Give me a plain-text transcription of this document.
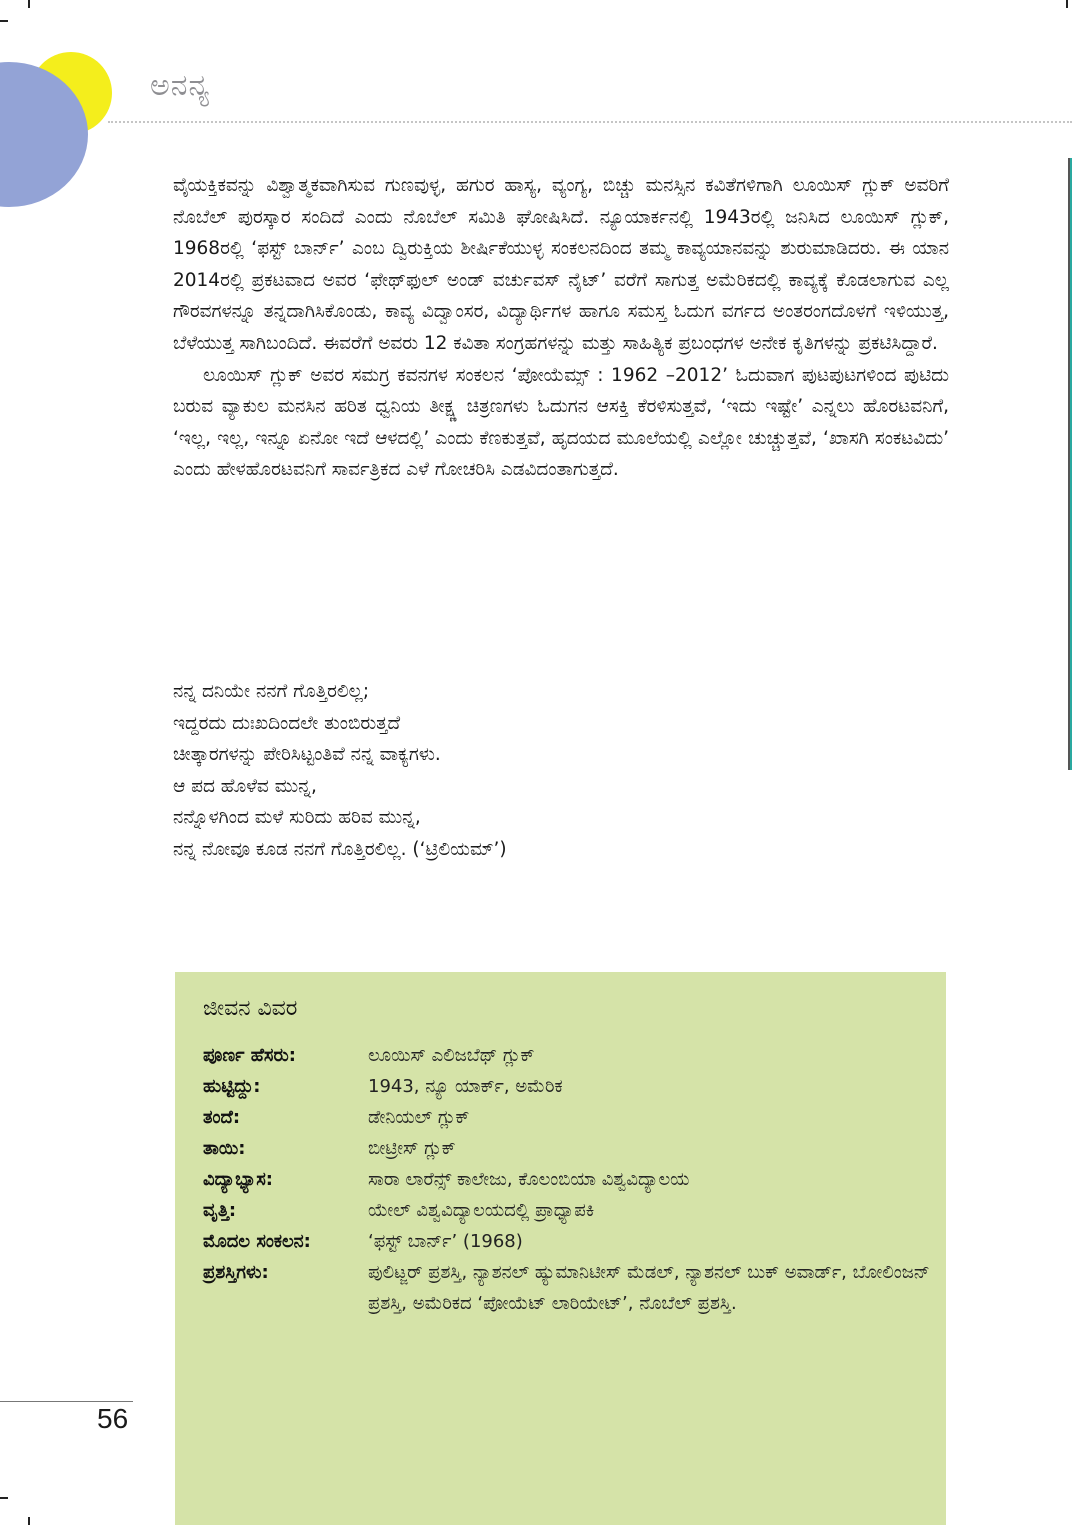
ಅನನ್ಯ

ವೈಯಕ್ತಿಕವನ್ನು ವಿಶ್ವಾತ್ಮಕವಾಗಿಸುವ ಗುಣವುಳ್ಳ, ಹಗುರ ಹಾಸ್ಯ, ವ್ಯಂಗ್ಯ, ಬಿಚ್ಚು ಮನಸ್ಸಿನ ಕವಿತೆಗಳಿಗಾಗಿ ಲೂಯಿಸ್ ಗ್ಲುಕ್ ಅವರಿಗೆ ನೊಬೆಲ್ ಪುರಸ್ಕಾರ ಸಂದಿದೆ ಎಂದು ನೊಬೆಲ್ ಸಮಿತಿ ಘೋಷಿಸಿದೆ. ನ್ಯೂಯಾರ್ಕನಲ್ಲಿ 1943ರಲ್ಲಿ ಜನಿಸಿದ ಲೂಯಿಸ್ ಗ್ಲುಕ್, 1968ರಲ್ಲಿ ‘ಫಸ್ಟ್ ಬಾರ್ನ್’ ಎಂಬ ದ್ವಿರುಕ್ತಿಯ ಶೀರ್ಷಿಕೆಯುಳ್ಳ ಸಂಕಲನದಿಂದ ತಮ್ಮ ಕಾವ್ಯಯಾನವನ್ನು ಶುರುಮಾಡಿದರು. ಈ ಯಾನ 2014ರಲ್ಲಿ ಪ್ರಕಟವಾದ ಅವರ ‘ಫೇಥ್‌ಫುಲ್ ಅಂಡ್ ವರ್ಚುವಸ್ ನೈಟ್’ ವರೆಗೆ ಸಾಗುತ್ತ ಅಮೆರಿಕದಲ್ಲಿ ಕಾವ್ಯಕ್ಕೆ ಕೊಡಲಾಗುವ ಎಲ್ಲ ಗೌರವಗಳನ್ನೂ ತನ್ನದಾಗಿಸಿಕೊಂಡು, ಕಾವ್ಯ ವಿದ್ವಾಂಸರ, ವಿದ್ಯಾರ್ಥಿಗಳ ಹಾಗೂ ಸಮಸ್ತ ಓದುಗ ವರ್ಗದ ಅಂತರಂಗದೊಳಗೆ ಇಳಿಯುತ್ತ, ಬೆಳೆಯುತ್ತ ಸಾಗಿಬಂದಿದೆ. ಈವರೆಗೆ ಅವರು 12 ಕವಿತಾ ಸಂಗ್ರಹಗಳನ್ನು ಮತ್ತು ಸಾಹಿತ್ಯಿಕ ಪ್ರಬಂಧಗಳ ಅನೇಕ ಕೃತಿಗಳನ್ನು ಪ್ರಕಟಿಸಿದ್ದಾರೆ.

ಲೂಯಿಸ್ ಗ್ಲುಕ್ ಅವರ ಸಮಗ್ರ ಕವನಗಳ ಸಂಕಲನ ‘ಪೋಯೆಮ್ಸ್ : 1962 –2012’ ಓದುವಾಗ ಪುಟಪುಟಗಳಿಂದ ಪುಟಿದು ಬರುವ ವ್ಯಾಕುಲ ಮನಸಿನ ಹರಿತ ಧ್ವನಿಯ ತೀಕ್ಷ್ಣ ಚಿತ್ರಣಗಳು ಓದುಗನ ಆಸಕ್ತಿ ಕೆರಳಿಸುತ್ತವೆ, ‘ಇದು ಇಷ್ಟೇ’ ಎನ್ನಲು ಹೊರಟವನಿಗೆ, ‘ಇಲ್ಲ, ಇಲ್ಲ, ಇನ್ನೂ ಏನೋ ಇದೆ ಆಳದಲ್ಲಿ’ ಎಂದು ಕೆಣಕುತ್ತವೆ, ಹೃದಯದ ಮೂಲೆಯಲ್ಲಿ ಎಲ್ಲೋ ಚುಚ್ಚುತ್ತವೆ, ‘ಖಾಸಗಿ ಸಂಕಟವಿದು’ ಎಂದು ಹೇಳಹೊರಟವನಿಗೆ ಸಾರ್ವತ್ರಿಕದ ಎಳೆ ಗೋಚರಿಸಿ ಎಡವಿದಂತಾಗುತ್ತದೆ.

ನನ್ನ ದನಿಯೇ ನನಗೆ ಗೊತ್ತಿರಲಿಲ್ಲ;
ಇದ್ದರದು ದುಃಖದಿಂದಲೇ ತುಂಬಿರುತ್ತದೆ
ಚೀತ್ಕಾರಗಳನ್ನು ಪೇರಿಸಿಟ್ಟಂತಿವೆ ನನ್ನ ವಾಕ್ಯಗಳು.
ಆ ಪದ ಹೊಳೆವ ಮುನ್ನ,
ನನ್ನೊಳಗಿಂದ ಮಳೆ ಸುರಿದು ಹರಿವ ಮುನ್ನ,
ನನ್ನ ನೋವೂ ಕೂಡ ನನಗೆ ಗೊತ್ತಿರಲಿಲ್ಲ. (‘ಟ್ರಿಲಿಯಮ್’)
ಜೀವನ ವಿವರ
ಪೂರ್ಣ ಹೆಸರು:	ಲೂಯಿಸ್ ಎಲಿಜಬೆಥ್ ಗ್ಲುಕ್
ಹುಟ್ಟಿದ್ದು:	1943, ನ್ಯೂ ಯಾರ್ಕ್, ಅಮೆರಿಕ
ತಂದೆ:	ಡೇನಿಯಲ್ ಗ್ಲುಕ್
ತಾಯಿ:	ಬೀಟ್ರೀಸ್ ಗ್ಲುಕ್
ವಿದ್ಯಾಭ್ಯಾಸ:	ಸಾರಾ ಲಾರೆನ್ಸ್ ಕಾಲೇಜು, ಕೊಲಂಬಿಯಾ ವಿಶ್ವವಿದ್ಯಾಲಯ
ವೃತ್ತಿ:	ಯೇಲ್ ವಿಶ್ವವಿದ್ಯಾಲಯದಲ್ಲಿ ಪ್ರಾಧ್ಯಾಪಕಿ
ಮೊದಲ ಸಂಕಲನ:	‘ಫಸ್ಟ್ ಬಾರ್ನ್’ (1968)
ಪ್ರಶಸ್ತಿಗಳು:	ಪುಲಿಟ್ಜರ್ ಪ್ರಶಸ್ತಿ, ನ್ಯಾಶನಲ್ ಹ್ಯುಮಾನಿಟೀಸ್ ಮೆಡಲ್, ನ್ಯಾಶನಲ್ ಬುಕ್ ಅವಾರ್ಡ್, ಬೋಲಿಂಜನ್ ಪ್ರಶಸ್ತಿ, ಅಮೆರಿಕದ ‘ಪೋಯೆಟ್ ಲಾರಿಯೇಟ್’, ನೊಬೆಲ್ ಪ್ರಶಸ್ತಿ.
56
